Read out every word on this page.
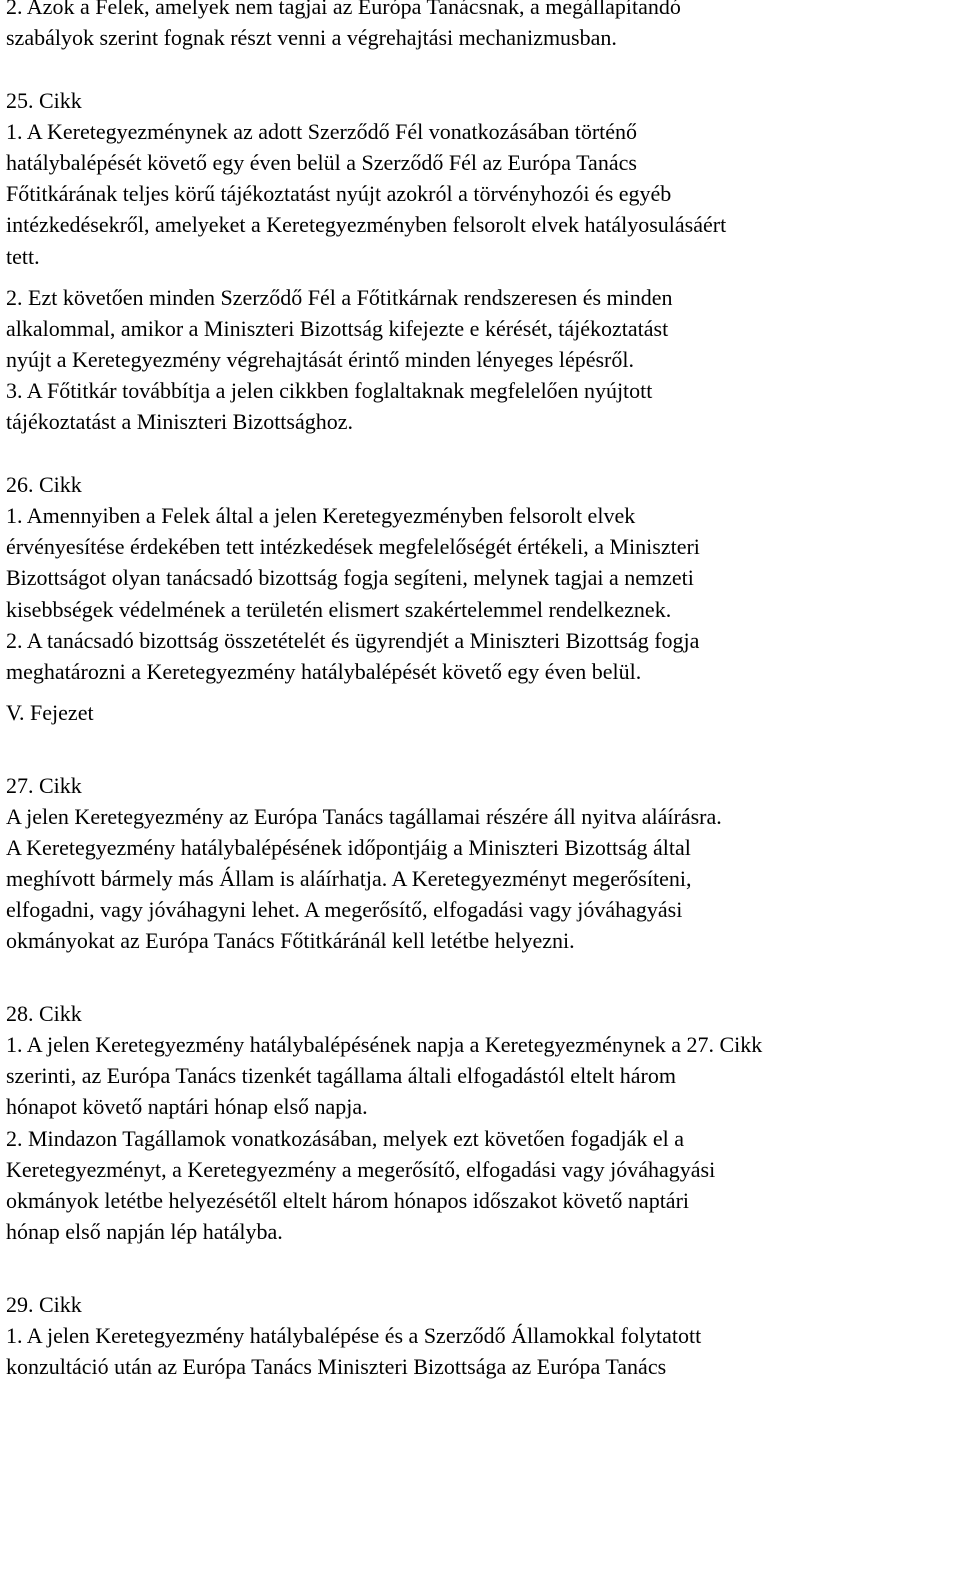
2. Azok a Felek, amelyek nem tagjai az Európa Tanácsnak, a megállapítandó
szabályok szerint fognak részt venni a végrehajtási mechanizmusban.
25. Cikk
1. A Keretegyezménynek az adott Szerződő Fél vonatkozásában történő
hatálybalépését követő egy éven belül a Szerződő Fél az Európa Tanács
Főtitkárának teljes körű tájékoztatást nyújt azokról a törvényhozói és egyéb
intézkedésekről, amelyeket a Keretegyezményben felsorolt elvek hatályosulásáért
tett.
2. Ezt követően minden Szerződő Fél a Főtitkárnak rendszeresen és minden
alkalommal, amikor a Miniszteri Bizottság kifejezte e kérését, tájékoztatást
nyújt a Keretegyezmény végrehajtását érintő minden lényeges lépésről.
3. A Főtitkár továbbítja a jelen cikkben foglaltaknak megfelelően nyújtott
tájékoztatást a Miniszteri Bizottsághoz.
26. Cikk
1. Amennyiben a Felek által a jelen Keretegyezményben felsorolt elvek
érvényesítése érdekében tett intézkedések megfelelőségét értékeli, a Miniszteri
Bizottságot olyan tanácsadó bizottság fogja segíteni, melynek tagjai a nemzeti
kisebbségek védelmének a területén elismert szakértelemmel rendelkeznek.
2. A tanácsadó bizottság összetételét és ügyrendjét a Miniszteri Bizottság fogja
meghatározni a Keretegyezmény hatálybalépését követő egy éven belül.
V. Fejezet
27. Cikk
A jelen Keretegyezmény az Európa Tanács tagállamai részére áll nyitva aláírásra.
A Keretegyezmény hatálybalépésének időpontjáig a Miniszteri Bizottság által
meghívott bármely más Állam is aláírhatja. A Keretegyezményt megerősíteni,
elfogadni, vagy jóváhagyni lehet. A megerősítő, elfogadási vagy jóváhagyási
okmányokat az Európa Tanács Főtitkáránál kell letétbe helyezni.
28. Cikk
1. A jelen Keretegyezmény hatálybalépésének napja a Keretegyezménynek a 27. Cikk
szerinti, az Európa Tanács tizenkét tagállama általi elfogadástól eltelt három
hónapot követő naptári hónap első napja.
2. Mindazon Tagállamok vonatkozásában, melyek ezt követően fogadják el a
Keretegyezményt, a Keretegyezmény a megerősítő, elfogadási vagy jóváhagyási
okmányok letétbe helyezésétől eltelt három hónapos időszakot követő naptári
hónap első napján lép hatályba.
29. Cikk
1. A jelen Keretegyezmény hatálybalépése és a Szerződő Államokkal folytatott
konzultáció után az Európa Tanács Miniszteri Bizottsága az Európa Tanács
